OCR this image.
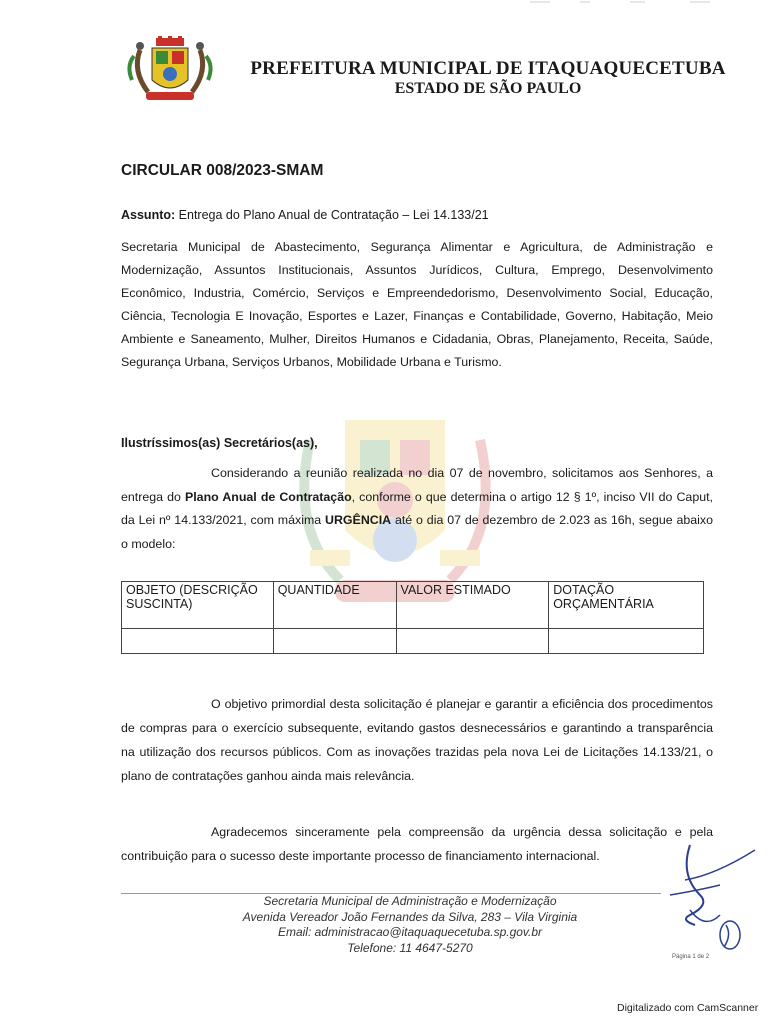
PREFEITURA MUNICIPAL DE ITAQUAQUECETUBA
ESTADO DE SÃO PAULO
CIRCULAR 008/2023-SMAM
Assunto: Entrega do Plano Anual de Contratação – Lei 14.133/21
Secretaria Municipal de Abastecimento, Segurança Alimentar e Agricultura, de Administração e Modernização, Assuntos Institucionais, Assuntos Jurídicos, Cultura, Emprego, Desenvolvimento Econômico, Industria, Comércio, Serviços e Empreendedorismo, Desenvolvimento Social, Educação, Ciência, Tecnologia E Inovação, Esportes e Lazer, Finanças e Contabilidade, Governo, Habitação, Meio Ambiente e Saneamento, Mulher, Direitos Humanos e Cidadania, Obras, Planejamento, Receita, Saúde, Segurança Urbana, Serviços Urbanos, Mobilidade Urbana e Turismo.
Ilustríssimos(as) Secretários(as),
Considerando a reunião realizada no dia 07 de novembro, solicitamos aos Senhores, a entrega do Plano Anual de Contratação, conforme o que determina o artigo 12 § 1º, inciso VII do Caput, da Lei nº 14.133/2021, com máxima URGÊNCIA até o dia 07 de dezembro de 2.023 as 16h, segue abaixo o modelo:
OBJETO (DESCRIÇÃO SUSCINTA)	QUANTIDADE	VALOR ESTIMADO	DOTAÇÃO ORÇAMENTÁRIA

O objetivo primordial desta solicitação é planejar e garantir a eficiência dos procedimentos de compras para o exercício subsequente, evitando gastos desnecessários e garantindo a transparência na utilização dos recursos públicos. Com as inovações trazidas pela nova Lei de Licitações 14.133/21, o plano de contratações ganhou ainda mais relevância.
Agradecemos sinceramente pela compreensão da urgência dessa solicitação e pela contribuição para o sucesso deste importante processo de financiamento internacional.
Secretaria Municipal de Administração e Modernização
Avenida Vereador João Fernandes da Silva, 283 – Vila Virginia
Email: administracao@itaquaquecetuba.sp.gov.br
Telefone: 11 4647-5270
Página 1 de 2
Digitalizado com CamScanner
